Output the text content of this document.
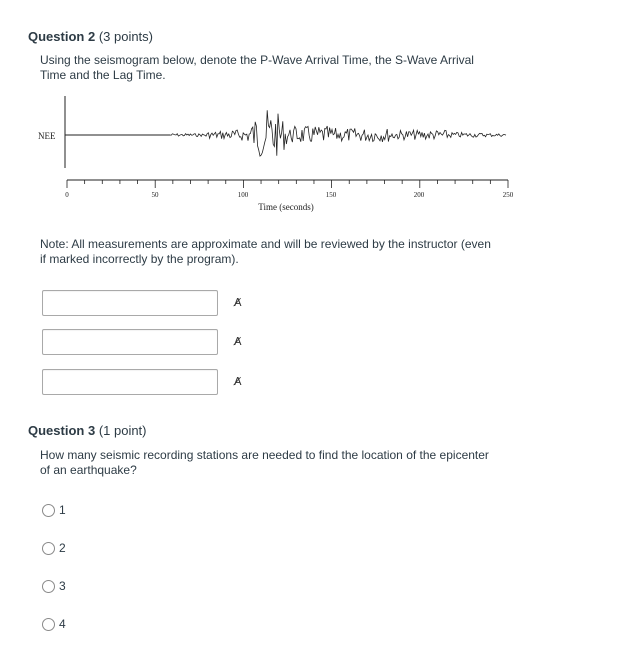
Question 2 (3 points)
Using the seismogram below, denote the P-Wave Arrival Time, the S-Wave Arrival
Time and the Lag Time.
NEE
0	50	100	150	200	250
Time (seconds)
Note: All measurements are approximate and will be reviewed by the instructor (even
if marked incorrectly by the program).
A̸
A̸
A̸
Question 3 (1 point)
How many seismic recording stations are needed to find the location of the epicenter
of an earthquake?
1
2
3
4
